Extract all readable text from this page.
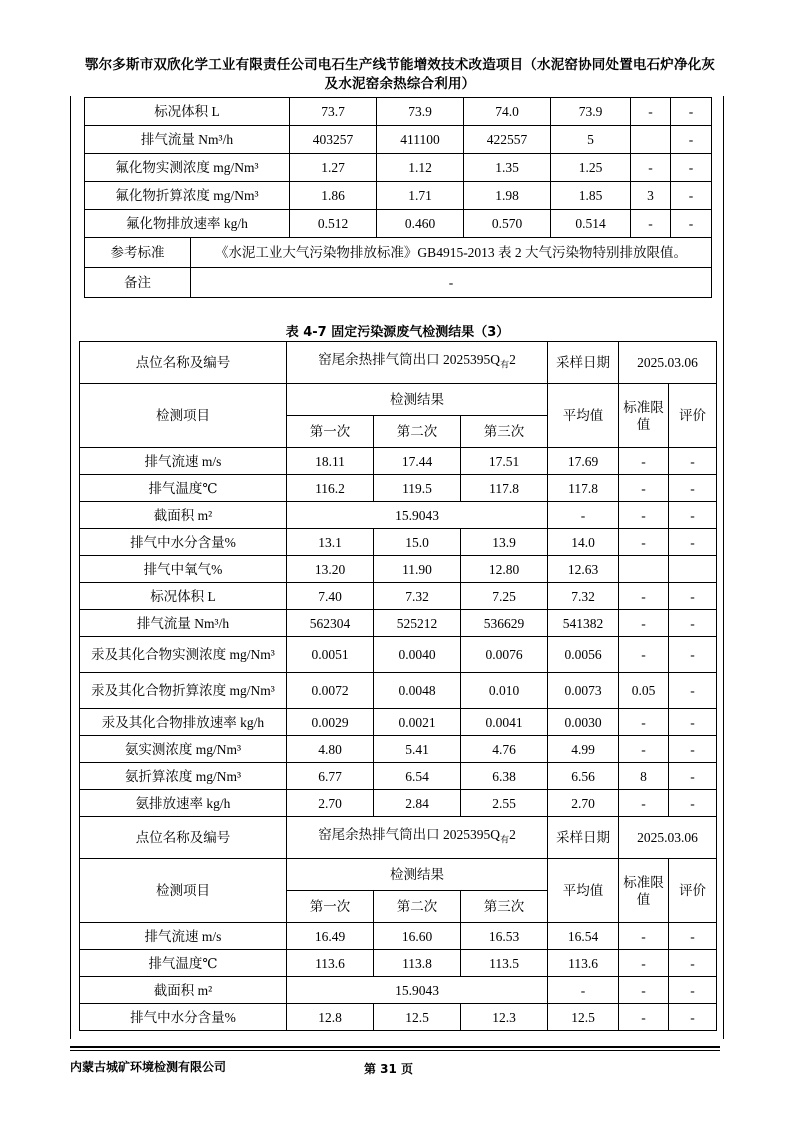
鄂尔多斯市双欣化学工业有限责任公司电石生产线节能增效技术改造项目（水泥窑协同处置电石炉净化灰
及水泥窑余热综合利用）
标况体积 L		73.7	73.9	74.0	73.9	-	-
排气流量 Nm³/h		403257	411100	422557	5		-
氟化物实测浓度 mg/Nm³		1.27	1.12	1.35	1.25	-	-
氟化物折算浓度 mg/Nm³		1.86	1.71	1.98	1.85	3	-
氟化物排放速率 kg/h		0.512	0.460	0.570	0.514	-	-
参考标准	《水泥工业大气污染物排放标准》GB4915-2013 表 2 大气污染物特别排放限值。						
备注	-						
表 4-7 固定污染源废气检测结果（3）
点位名称及编号	窑尾余热排气筒出口 $2025395Q_有2$			采样日期	2025.03.06	
检测项目	检测结果			平均值	标准限值	评价
	第一次	第二次	第三次			
排气流速 m/s	18.11	17.44	17.51	17.69	-	-
排气温度℃	116.2	119.5	117.8	117.8	-	-
截面积 m²	15.9043			-	-	-
排气中水分含量%	13.1	15.0	13.9	14.0	-	-
排气中氧气%	13.20	11.90	12.80	12.63		
标况体积 L	7.40	7.32	7.25	7.32	-	-
排气流量 Nm³/h	562304	525212	536629	541382	-	-
汞及其化合物实测浓度 mg/Nm³	0.0051	0.0040	0.0076	0.0056	-	-
汞及其化合物折算浓度 mg/Nm³	0.0072	0.0048	0.010	0.0073	0.05	-
汞及其化合物排放速率 kg/h	0.0029	0.0021	0.0041	0.0030	-	-
氨实测浓度 mg/Nm³	4.80	5.41	4.76	4.99	-	-
氨折算浓度 mg/Nm³	6.77	6.54	6.38	6.56	8	-
氨排放速率 kg/h	2.70	2.84	2.55	2.70	-	-
点位名称及编号	窑尾余热排气筒出口 $2025395Q_有2$			采样日期	2025.03.06	
检测项目	检测结果			平均值	标准限值	评价
	第一次	第二次	第三次			
排气流速 m/s	16.49	16.60	16.53	16.54	-	-
排气温度℃	113.6	113.8	113.5	113.6	-	-
截面积 m²	15.9043			-	-	-
排气中水分含量%	12.8	12.5	12.3	12.5	-	-
内蒙古城矿环境检测有限公司	第 31 页
